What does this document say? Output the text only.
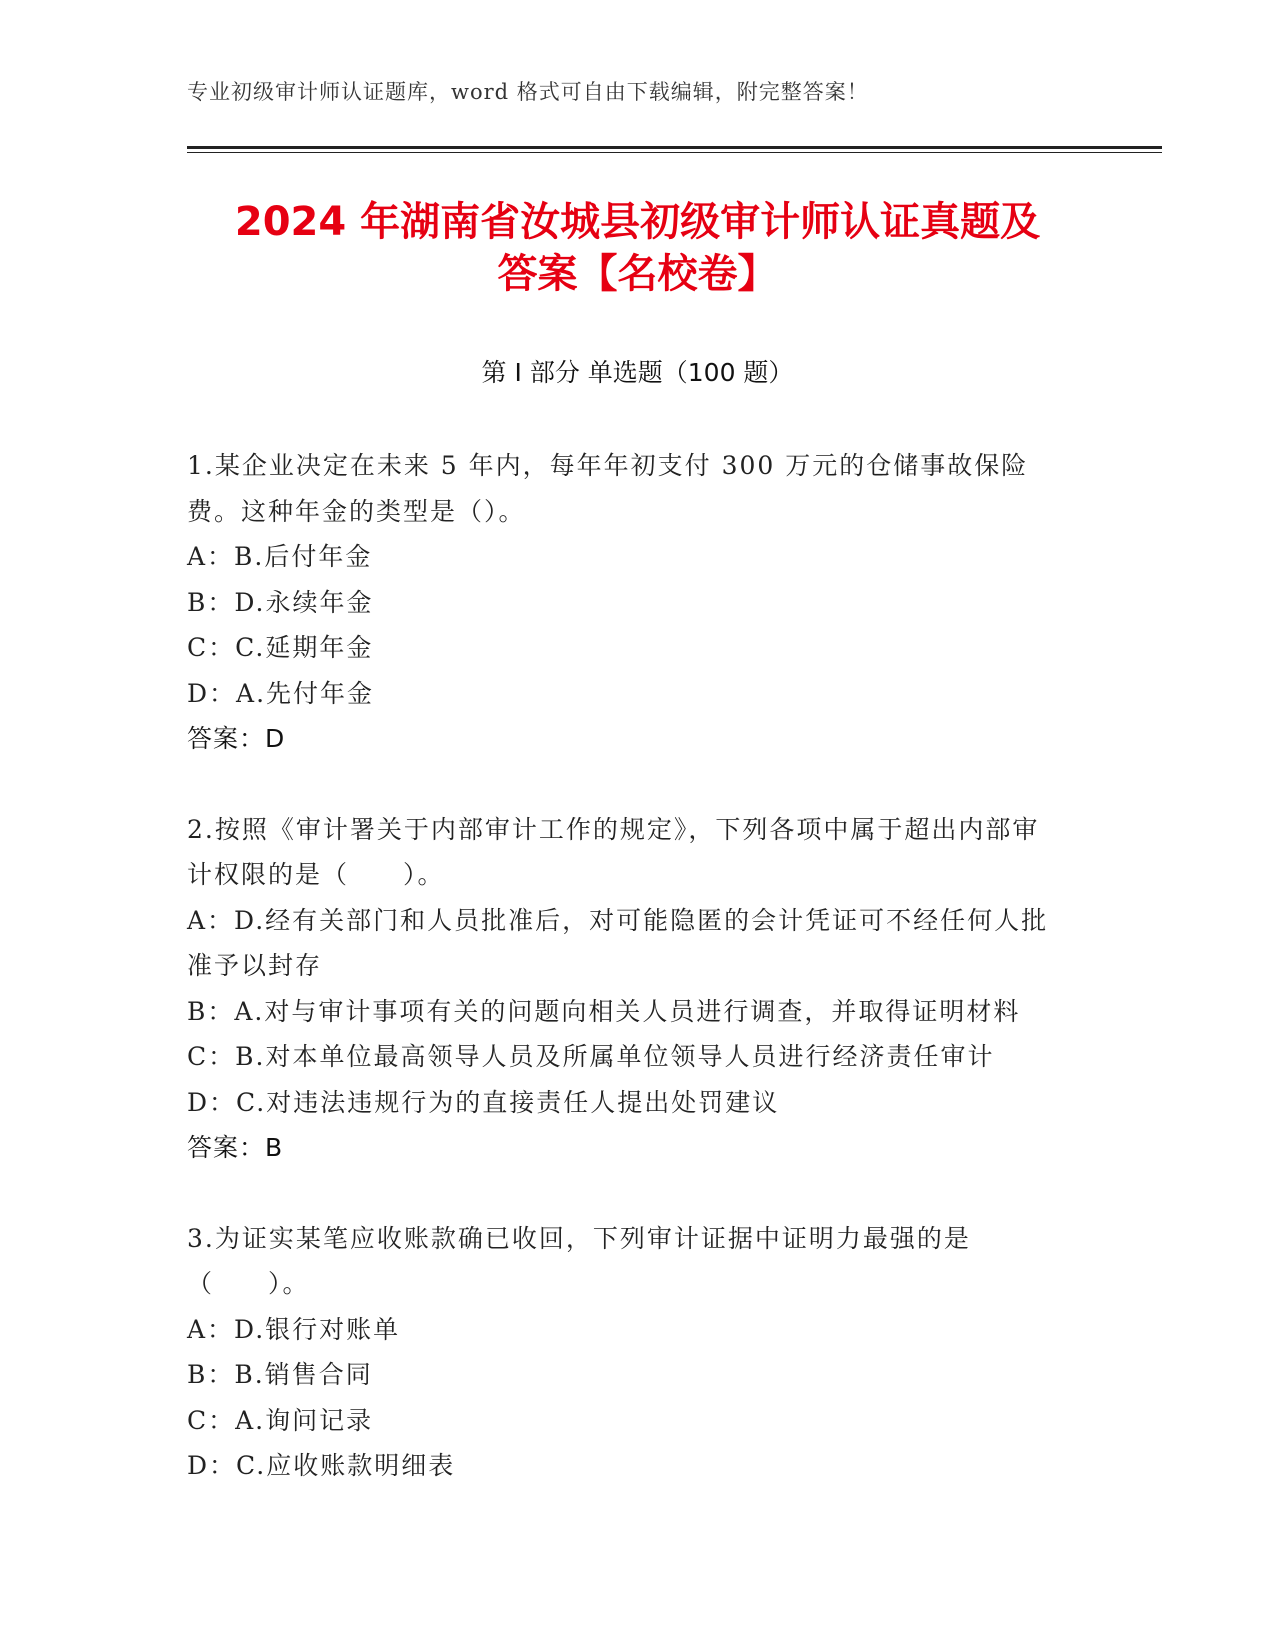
专业初级审计师认证题库，word 格式可自由下载编辑，附完整答案！
2024 年湖南省汝城县初级审计师认证真题及
答案【名校卷】
第 I 部分 单选题（100 题）
1.某企业决定在未来 5 年内，每年年初支付 300 万元的仓储事故保险费。这种年金的类型是（）。
A：B.后付年金
B：D.永续年金
C：C.延期年金
D：A.先付年金
答案：D
2.按照《审计署关于内部审计工作的规定》，下列各项中属于超出内部审计权限的是（　　）。
A：D.经有关部门和人员批准后，对可能隐匿的会计凭证可不经任何人批准予以封存
B：A.对与审计事项有关的问题向相关人员进行调查，并取得证明材料
C：B.对本单位最高领导人员及所属单位领导人员进行经济责任审计
D：C.对违法违规行为的直接责任人提出处罚建议
答案：B
3.为证实某笔应收账款确已收回，下列审计证据中证明力最强的是（　　）。
A：D.银行对账单
B：B.销售合同
C：A.询问记录
D：C.应收账款明细表
